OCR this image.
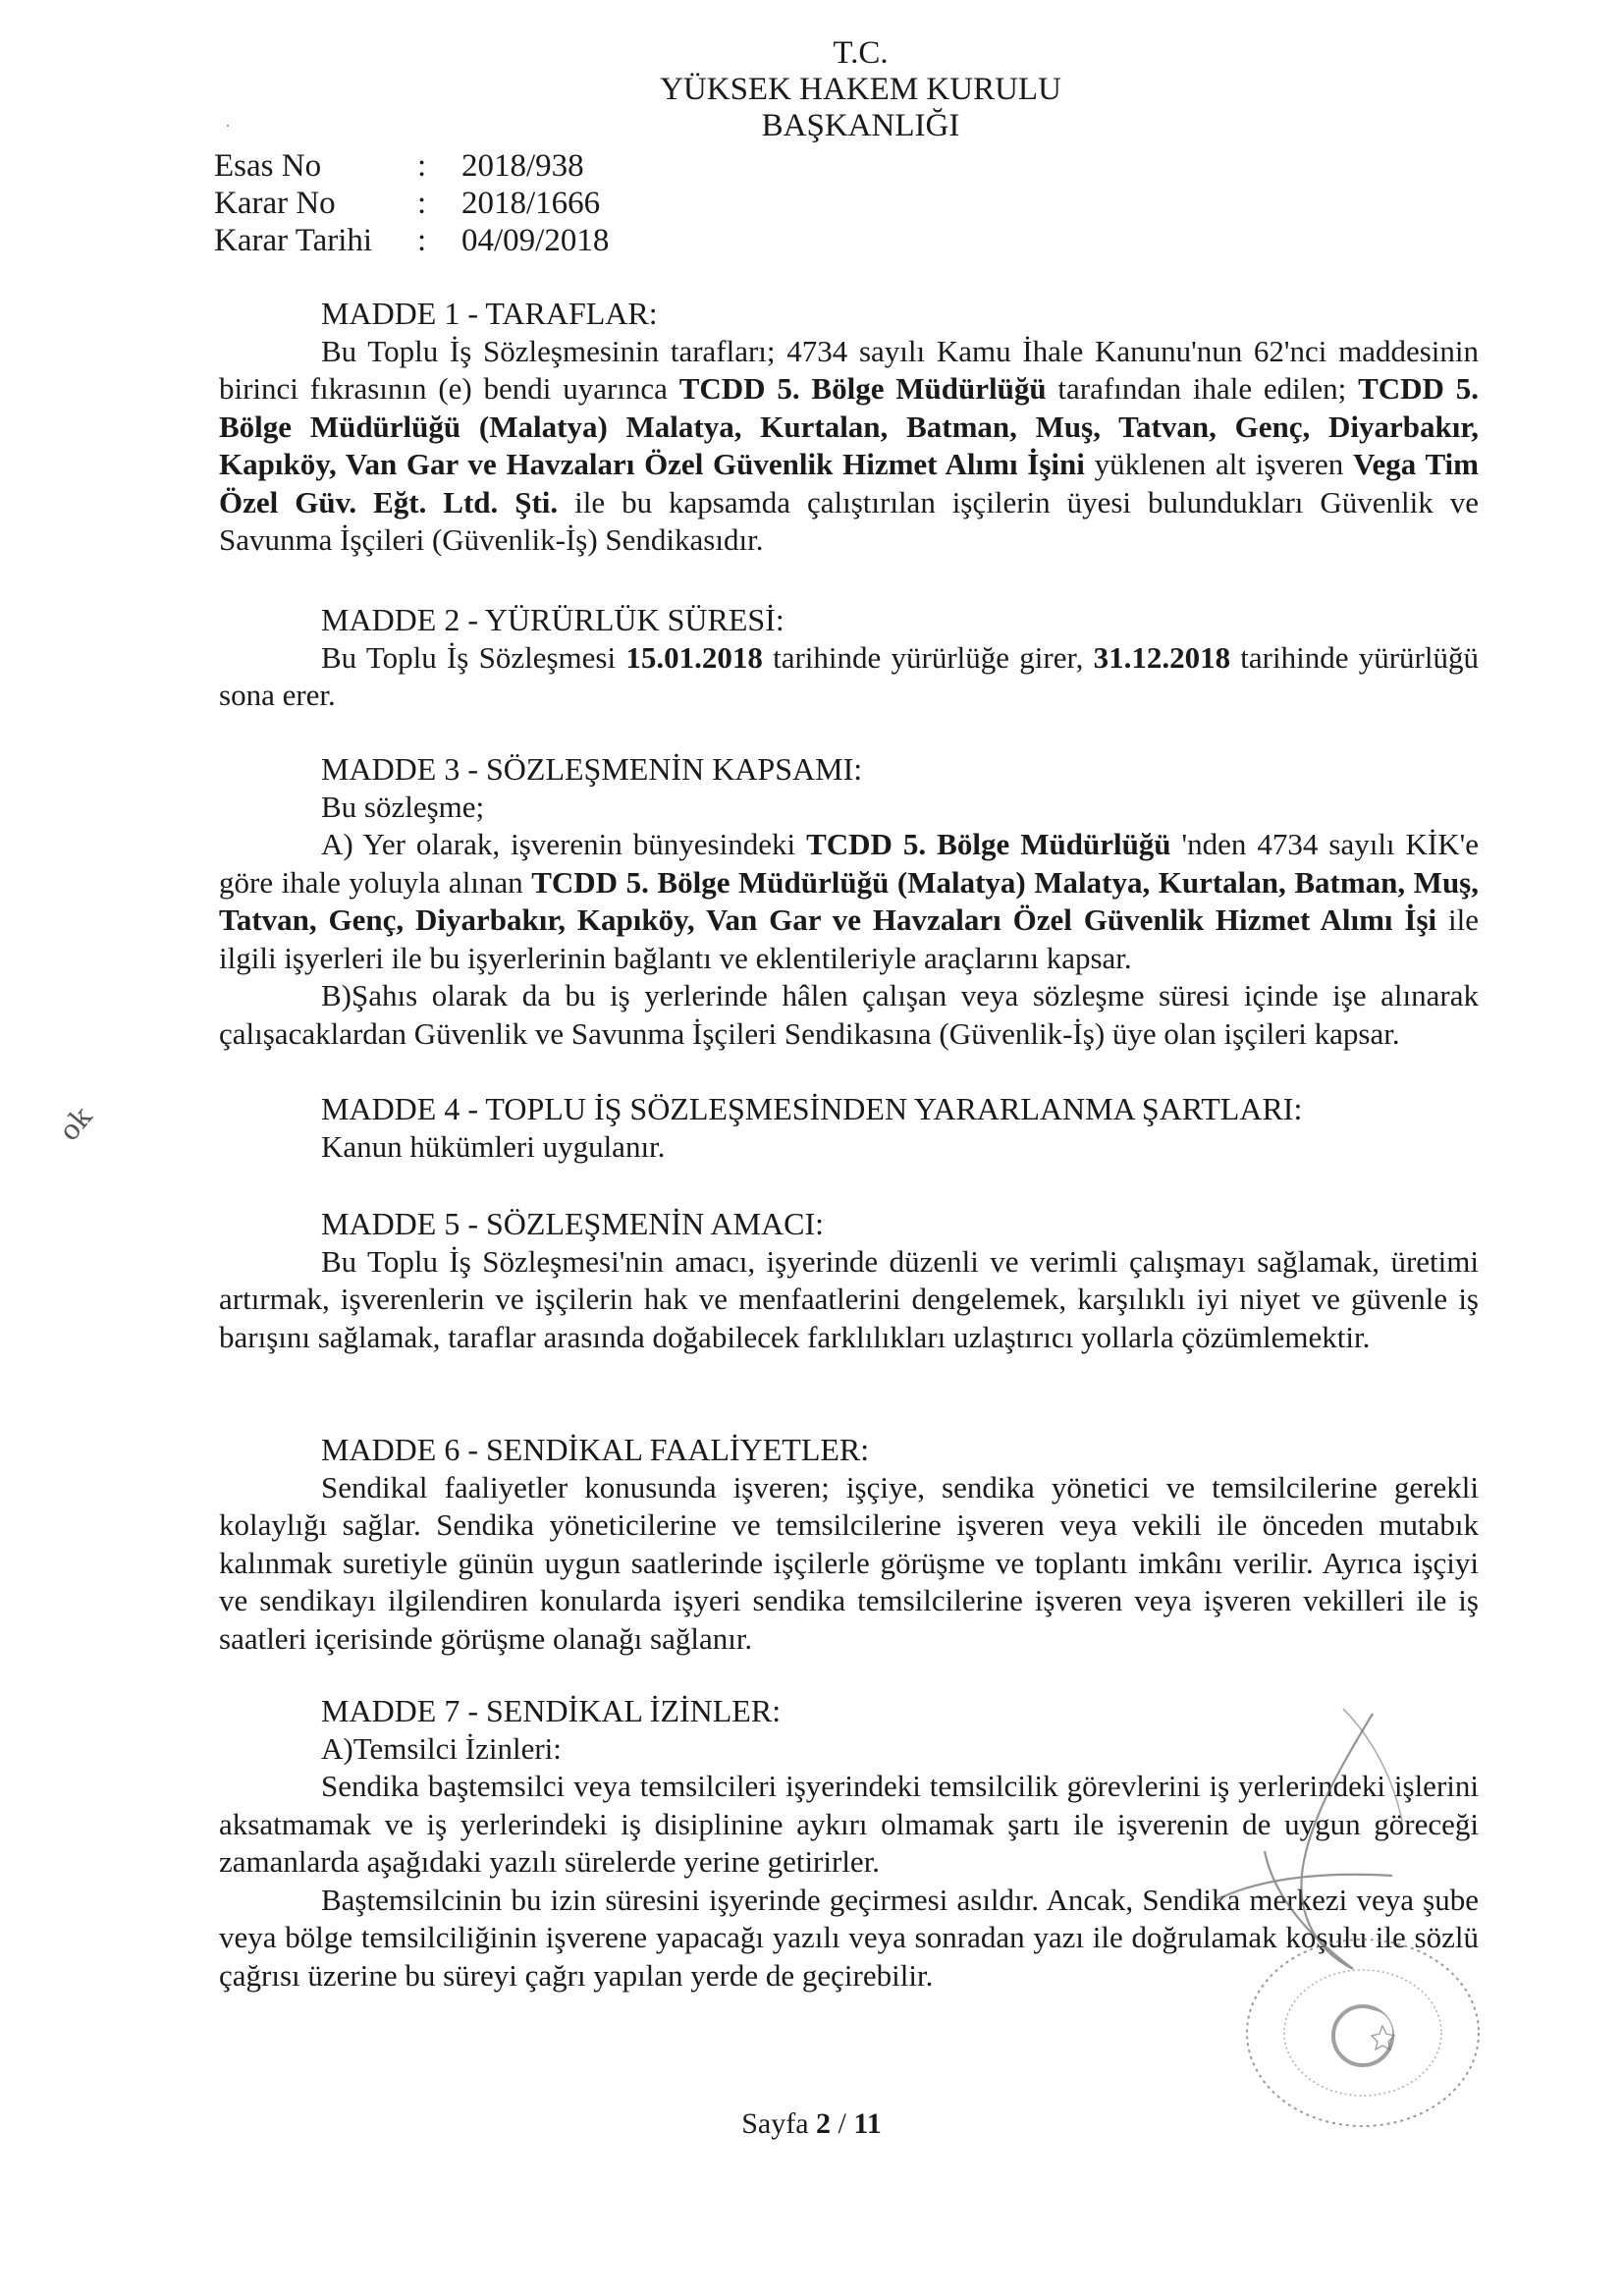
·
T.C.
YÜKSEK HAKEM KURULU
BAŞKANLIĞI
Esas No	:	2018/938
Karar No	:	2018/1666
Karar Tarihi	:	04/09/2018
MADDE 1 - TARAFLAR:

Bu Toplu İş Sözleşmesinin tarafları; 4734 sayılı Kamu İhale Kanunu'nun 62'nci maddesinin birinci fıkrasının (e) bendi uyarınca TCDD 5. Bölge Müdürlüğü tarafından ihale edilen; TCDD 5. Bölge Müdürlüğü (Malatya) Malatya, Kurtalan, Batman, Muş, Tatvan, Genç, Diyarbakır, Kapıköy, Van Gar ve Havzaları Özel Güvenlik Hizmet Alımı İşini yüklenen alt işveren Vega Tim Özel Güv. Eğt. Ltd. Şti. ile bu kapsamda çalıştırılan işçilerin üyesi bulundukları Güvenlik ve Savunma İşçileri (Güvenlik-İş) Sendikasıdır.

MADDE 2 - YÜRÜRLÜK SÜRESİ:

Bu Toplu İş Sözleşmesi 15.01.2018 tarihinde yürürlüğe girer, 31.12.2018 tarihinde yürürlüğü sona erer.

MADDE 3 - SÖZLEŞMENİN KAPSAMI:

Bu sözleşme;

A) Yer olarak, işverenin bünyesindeki TCDD 5. Bölge Müdürlüğü 'nden 4734 sayılı KİK'e göre ihale yoluyla alınan TCDD 5. Bölge Müdürlüğü (Malatya) Malatya, Kurtalan, Batman, Muş, Tatvan, Genç, Diyarbakır, Kapıköy, Van Gar ve Havzaları Özel Güvenlik Hizmet Alımı İşi ile ilgili işyerleri ile bu işyerlerinin bağlantı ve eklentileriyle araçlarını kapsar.

B)Şahıs olarak da bu iş yerlerinde hâlen çalışan veya sözleşme süresi içinde işe alınarak çalışacaklardan Güvenlik ve Savunma İşçileri Sendikasına (Güvenlik-İş) üye olan işçileri kapsar.

MADDE 4 - TOPLU İŞ SÖZLEŞMESİNDEN YARARLANMA ŞARTLARI:

Kanun hükümleri uygulanır.

MADDE 5 - SÖZLEŞMENİN AMACI:

Bu Toplu İş Sözleşmesi'nin amacı, işyerinde düzenli ve verimli çalışmayı sağlamak, üretimi artırmak, işverenlerin ve işçilerin hak ve menfaatlerini dengelemek, karşılıklı iyi niyet ve güvenle iş barışını sağlamak, taraflar arasında doğabilecek farklılıkları uzlaştırıcı yollarla çözümlemektir.

MADDE 6 - SENDİKAL FAALİYETLER:

Sendikal faaliyetler konusunda işveren; işçiye, sendika yönetici ve temsilcilerine gerekli kolaylığı sağlar. Sendika yöneticilerine ve temsilcilerine işveren veya vekili ile önceden mutabık kalınmak suretiyle günün uygun saatlerinde işçilerle görüşme ve toplantı imkânı verilir. Ayrıca işçiyi ve sendikayı ilgilendiren konularda işyeri sendika temsilcilerine işveren veya işveren vekilleri ile iş saatleri içerisinde görüşme olanağı sağlanır.

MADDE 7 - SENDİKAL İZİNLER:

A)Temsilci İzinleri:

Sendika baştemsilci veya temsilcileri işyerindeki temsilcilik görevlerini iş yerlerindeki işlerini aksatmamak ve iş yerlerindeki iş disiplinine aykırı olmamak şartı ile işverenin de uygun göreceği zamanlarda aşağıdaki yazılı sürelerde yerine getirirler.

Baştemsilcinin bu izin süresini işyerinde geçirmesi asıldır. Ancak, Sendika merkezi veya şube veya bölge temsilciliğinin işverene yapacağı yazılı veya sonradan yazı ile doğrulamak koşulu ile sözlü çağrısı üzerine bu süreyi çağrı yapılan yerde de geçirebilir.

ok
Sayfa 2 / 11
